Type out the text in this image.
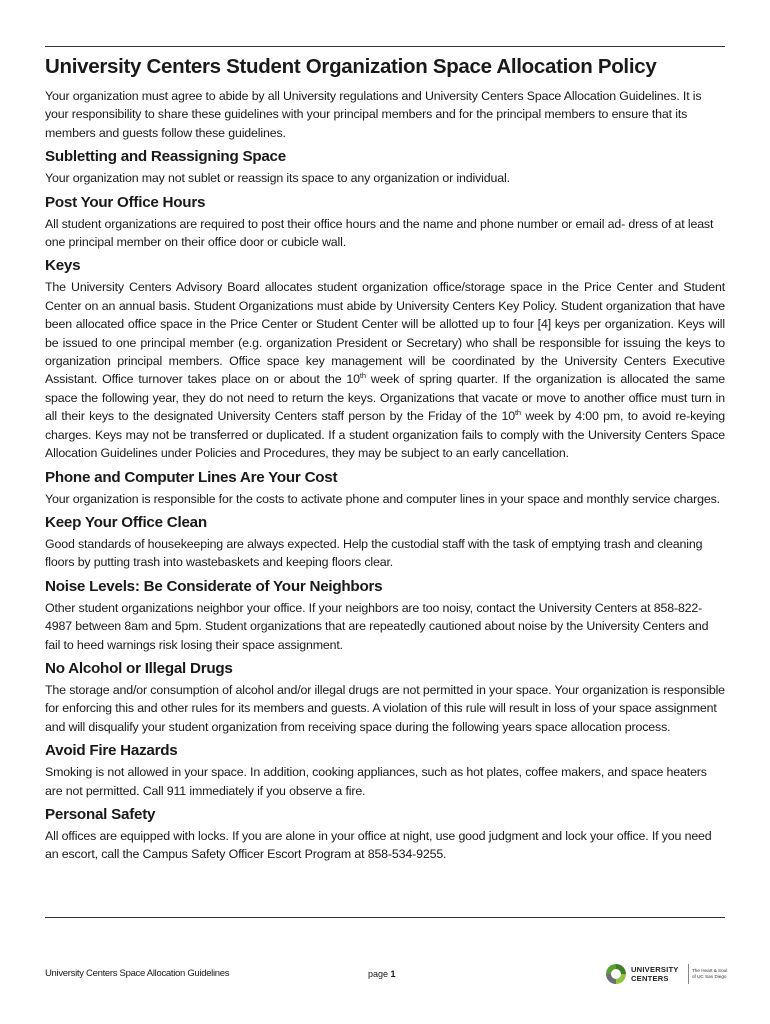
University Centers Student Organization Space Allocation Policy

Your organization must agree to abide by all University regulations and University Centers Space Allocation Guidelines. It is your responsibility to share these guidelines with your principal members and for the principal members to ensure that its members and guests follow these guidelines.

Subletting and Reassigning Space

Your organization may not sublet or reassign its space to any organization or individual.

Post Your Office Hours

All student organizations are required to post their office hours and the name and phone number or email ad- dress of at least one principal member on their office door or cubicle wall.

Keys

The University Centers Advisory Board allocates student organization office/storage space in the Price Center and Student Center on an annual basis. Student Organizations must abide by University Centers Key Policy. Student organization that have been allocated office space in the Price Center or Student Center will be allotted up to four [4] keys per organization. Keys will be issued to one principal member (e.g. organization President or Secretary) who shall be responsible for issuing the keys to organization principal members. Office space key management will be coordinated by the University Centers Executive Assistant. Office turnover takes place on or about the 10th week of spring quarter. If the organization is allocated the same space the following year, they do not need to return the keys. Organizations that vacate or move to another office must turn in all their keys to the designated University Centers staff person by the Friday of the 10th week by 4:00 pm, to avoid re-keying charges. Keys may not be transferred or duplicated. If a student organization fails to comply with the University Centers Space Allocation Guidelines under Policies and Procedures, they may be subject to an early cancellation.

Phone and Computer Lines Are Your Cost

Your organization is responsible for the costs to activate phone and computer lines in your space and monthly service charges.

Keep Your Office Clean

Good standards of housekeeping are always expected. Help the custodial staff with the task of emptying trash and cleaning floors by putting trash into wastebaskets and keeping floors clear.

Noise Levels: Be Considerate of Your Neighbors

Other student organizations neighbor your office. If your neighbors are too noisy, contact the University Centers at 858-822-4987 between 8am and 5pm. Student organizations that are repeatedly cautioned about noise by the University Centers and fail to heed warnings risk losing their space assignment.

No Alcohol or Illegal Drugs

The storage and/or consumption of alcohol and/or illegal drugs are not permitted in your space. Your organization is responsible for enforcing this and other rules for its members and guests. A violation of this rule will result in loss of your space assignment and will disqualify your student organization from receiving space during the following years space allocation process.

Avoid Fire Hazards

Smoking is not allowed in your space. In addition, cooking appliances, such as hot plates, coffee makers, and space heaters are not permitted. Call 911 immediately if you observe a fire.

Personal Safety

All offices are equipped with locks. If you are alone in your office at night, use good judgment and lock your office. If you need an escort, call the Campus Safety Officer Escort Program at 858-534-9255.

University Centers Space Allocation Guidelines	page 1	UNIVERSITY
CENTERS
The Heart & Soul
of UC San Diego
